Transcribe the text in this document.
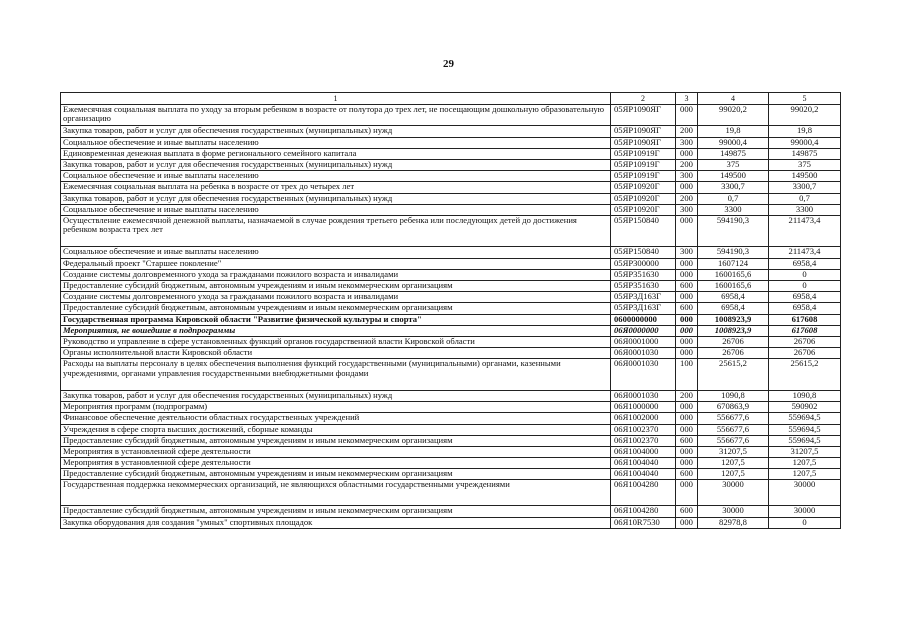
29
1	2	3	4	5
Ежемесячная социальная выплата по уходу за вторым ребенком в возрасте от полутора до трех лет, не посещающим дошкольную образовательную организацию	05ЯР1090ЯГ	000	99020,2	99020,2
Закупка товаров, работ и услуг для обеспечения государственных (муниципальных) нужд	05ЯР1090ЯГ	200	19,8	19,8
Социальное обеспечение и иные выплаты населению	05ЯР1090ЯГ	300	99000,4	99000,4
Единовременная денежная выплата в форме регионального семейного капитала	05ЯР10919Г	000	149875	149875
Закупка товаров, работ и услуг для обеспечения государственных (муниципальных) нужд	05ЯР10919Г	200	375	375
Социальное обеспечение и иные выплаты населению	05ЯР10919Г	300	149500	149500
Ежемесячная социальная выплата на ребенка в возрасте от трех до четырех лет	05ЯР10920Г	000	3300,7	3300,7
Закупка товаров, работ и услуг для обеспечения государственных (муниципальных) нужд	05ЯР10920Г	200	0,7	0,7
Социальное обеспечение и иные выплаты населению	05ЯР10920Г	300	3300	3300
Осуществление ежемесячной денежной выплаты, назначаемой в случае рождения третьего ребенка или последующих детей до достижения ребенком возраста трех лет	05ЯР150840	000	594190,3	211473,4
Социальное обеспечение и иные выплаты населению	05ЯР150840	300	594190,3	211473,4
Федеральный проект "Старшее поколение"	05ЯР300000	000	1607124	6958,4
Создание системы долговременного ухода за гражданами пожилого возраста и инвалидами	05ЯР351630	000	1600165,6	0
Предоставление субсидий бюджетным, автономным учреждениям и иным некоммерческим организациям	05ЯР351630	600	1600165,6	0
Создание системы долговременного ухода за гражданами пожилого возраста и инвалидами	05ЯР3Д163Г	000	6958,4	6958,4
Предоставление субсидий бюджетным, автономным учреждениям и иным некоммерческим организациям	05ЯР3Д163Г	600	6958,4	6958,4
Государственная программа Кировской области "Развитие физической культуры и спорта"	0600000000	000	1008923,9	617608
Мероприятия, не вошедшие в подпрограммы	06Я0000000	000	1008923,9	617608
Руководство и управление в сфере установленных функций органов государственной власти Кировской области	06Я0001000	000	26706	26706
Органы исполнительной власти Кировской области	06Я0001030	000	26706	26706
Расходы на выплаты персоналу в целях обеспечения выполнения функций государственными (муниципальными) органами, казенными учреждениями, органами управления государственными внебюджетными фондами	06Я0001030	100	25615,2	25615,2
Закупка товаров, работ и услуг для обеспечения государственных (муниципальных) нужд	06Я0001030	200	1090,8	1090,8
Мероприятия программ (подпрограмм)	06Я1000000	000	670863,9	590902
Финансовое обеспечение деятельности областных государственных учреждений	06Я1002000	000	556677,6	559694,5
Учреждения в сфере спорта высших достижений, сборные команды	06Я1002370	000	556677,6	559694,5
Предоставление субсидий бюджетным, автономным учреждениям и иным некоммерческим организациям	06Я1002370	600	556677,6	559694,5
Мероприятия в установленной сфере деятельности	06Я1004000	000	31207,5	31207,5
Мероприятия в установленной сфере деятельности	06Я1004040	000	1207,5	1207,5
Предоставление субсидий бюджетным, автономным учреждениям и иным некоммерческим организациям	06Я1004040	600	1207,5	1207,5
Государственная поддержка некоммерческих организаций, не являющихся областными государственными учреждениями	06Я1004280	000	30000	30000
Предоставление субсидий бюджетным, автономным учреждениям и иным некоммерческим организациям	06Я1004280	600	30000	30000
Закупка оборудования для создания "умных" спортивных площадок	06Я10R7530	000	82978,8	0
